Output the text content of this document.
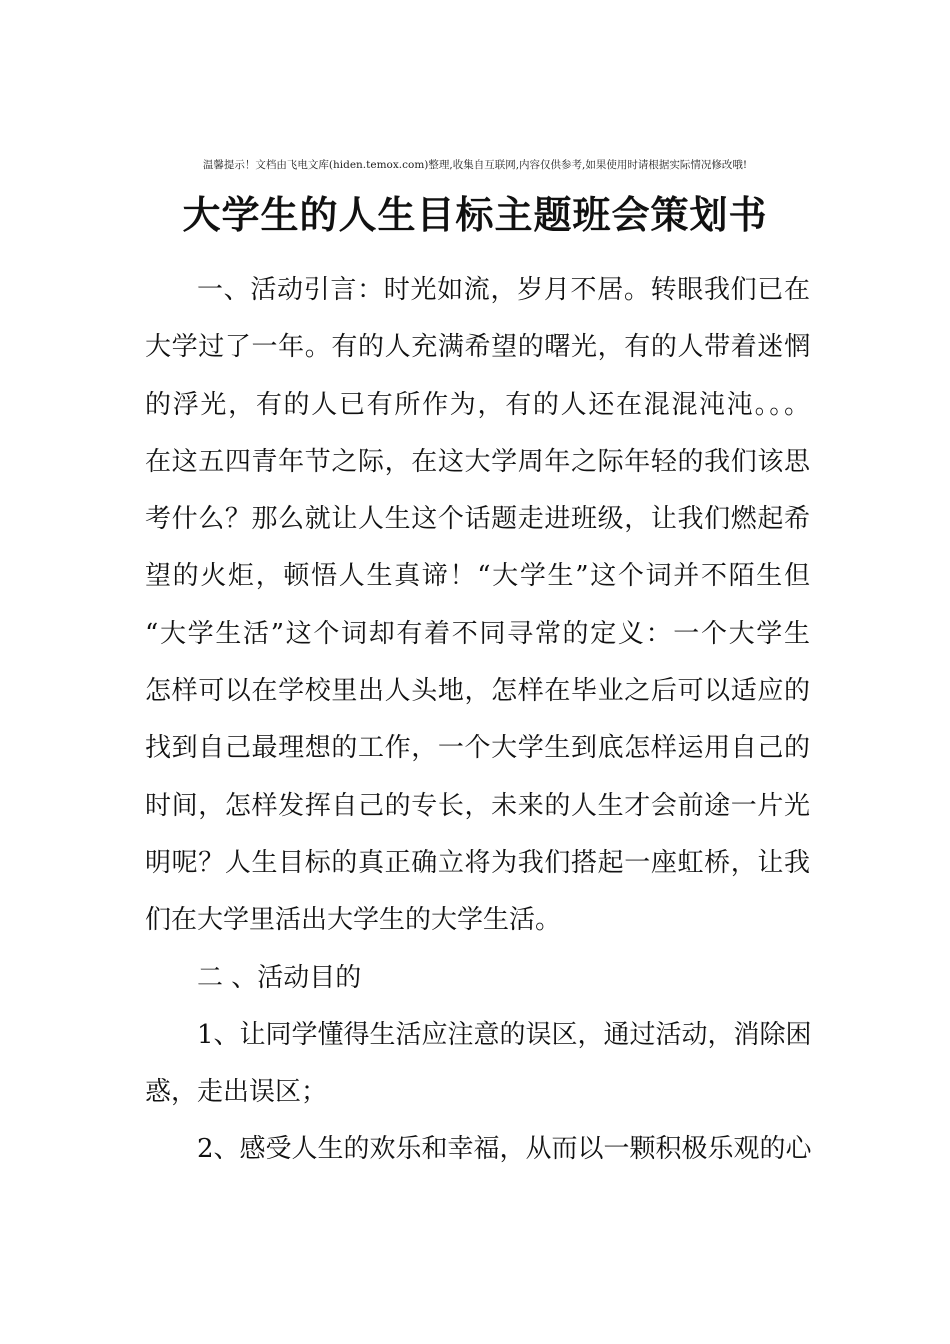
温馨提示！文档由飞电文库(hiden.temox.com)整理,收集自互联网,内容仅供参考,如果使用时请根据实际情况修改哦!
大学生的人生目标主题班会策划书
一、活动引言：时光如流，岁月不居。转眼我们已在
大学过了一年。有的人充满希望的曙光，有的人带着迷惘
的浮光，有的人已有所作为，有的人还在混混沌沌。。。
在这五四青年节之际，在这大学周年之际年轻的我们该思
考什么？那么就让人生这个话题走进班级，让我们燃起希
望的火炬，顿悟人生真谛！“大学生”这个词并不陌生但
“大学生活”这个词却有着不同寻常的定义：一个大学生
怎样可以在学校里出人头地，怎样在毕业之后可以适应的
找到自己最理想的工作，一个大学生到底怎样运用自己的
时间，怎样发挥自己的专长，未来的人生才会前途一片光
明呢？人生目标的真正确立将为我们搭起一座虹桥，让我
们在大学里活出大学生的大学生活。
二 、活动目的
1、让同学懂得生活应注意的误区，通过活动，消除困
惑，走出误区；
2、感受人生的欢乐和幸福，从而以一颗积极乐观的心
